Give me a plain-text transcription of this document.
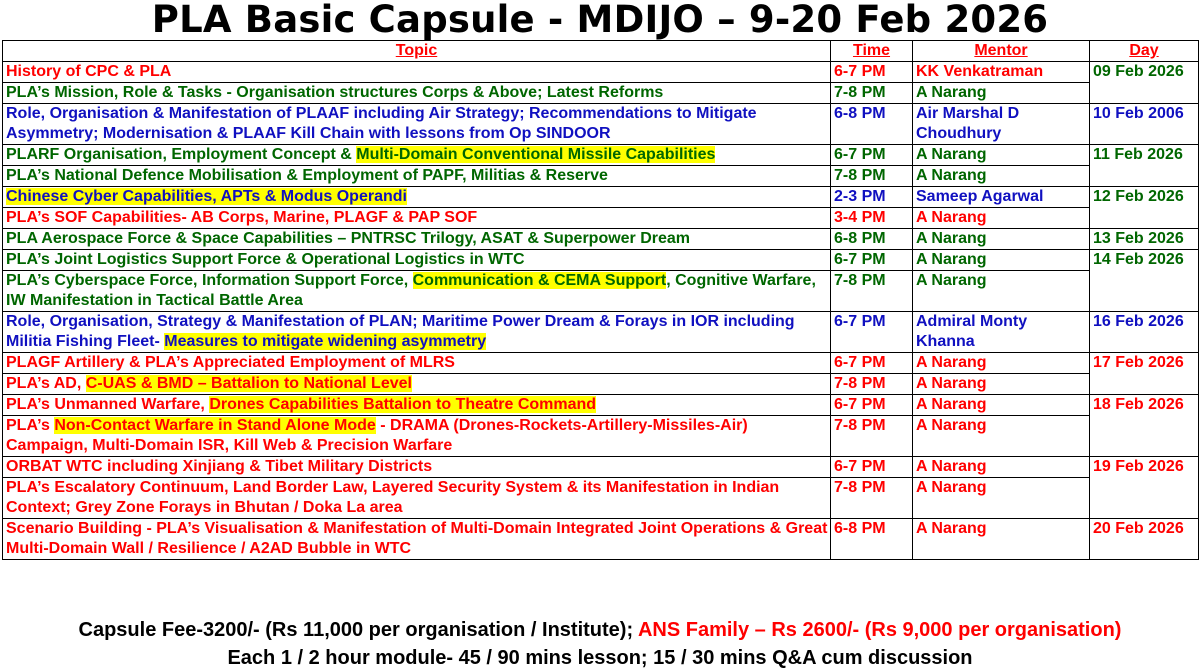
PLA Basic Capsule - MDIJO – 9-20 Feb 2026
Topic	Time	Mentor	Day
History of CPC & PLA	6-7 PM	KK Venkatraman	09 Feb 2026
PLA’s Mission, Role & Tasks - Organisation structures Corps & Above; Latest Reforms	7-8 PM	A Narang	
Role, Organisation & Manifestation of PLAAF including Air Strategy; Recommendations to Mitigate Asymmetry; Modernisation & PLAAF Kill Chain with lessons from Op SINDOOR	6-8 PM	Air Marshal D Choudhury	10 Feb 2006
PLARF Organisation, Employment Concept & Multi-Domain Conventional Missile Capabilities	6-7 PM	A Narang	11 Feb 2026
PLA’s National Defence Mobilisation & Employment of PAPF, Militias & Reserve	7-8 PM	A Narang	
Chinese Cyber Capabilities, APTs & Modus Operandi	2-3 PM	Sameep Agarwal	12 Feb 2026
PLA’s SOF Capabilities- AB Corps, Marine, PLAGF & PAP SOF	3-4 PM	A Narang	
PLA Aerospace Force & Space Capabilities – PNTRSC Trilogy, ASAT & Superpower Dream	6-8 PM	A Narang	13 Feb 2026
PLA’s Joint Logistics Support Force & Operational Logistics in WTC	6-7 PM	A Narang	14 Feb 2026
PLA’s Cyberspace Force, Information Support Force, Communication & CEMA Support, Cognitive Warfare, IW Manifestation in Tactical Battle Area	7-8 PM	A Narang	
Role, Organisation, Strategy & Manifestation of PLAN; Maritime Power Dream & Forays in IOR including Militia Fishing Fleet- Measures to mitigate widening asymmetry	6-7 PM	Admiral Monty Khanna	16 Feb 2026
PLAGF Artillery & PLA’s Appreciated Employment of MLRS	6-7 PM	A Narang	17 Feb 2026
PLA’s AD, C-UAS & BMD – Battalion to National Level	7-8 PM	A Narang	
PLA’s Unmanned Warfare, Drones Capabilities Battalion to Theatre Command	6-7 PM	A Narang	18 Feb 2026
PLA’s Non-Contact Warfare in Stand Alone Mode - DRAMA (Drones-Rockets-Artillery-Missiles-Air) Campaign, Multi-Domain ISR, Kill Web & Precision Warfare	7-8 PM	A Narang	
ORBAT WTC including Xinjiang & Tibet Military Districts	6-7 PM	A Narang	19 Feb 2026
PLA’s Escalatory Continuum, Land Border Law, Layered Security System & its Manifestation in Indian Context; Grey Zone Forays in Bhutan / Doka La area	7-8 PM	A Narang	
Scenario Building - PLA’s Visualisation & Manifestation of Multi-Domain Integrated Joint Operations & Great Multi-Domain Wall / Resilience / A2AD Bubble in WTC	6-8 PM	A Narang	20 Feb 2026
Capsule Fee-3200/- (Rs 11,000 per organisation / Institute); ANS Family – Rs 2600/- (Rs 9,000 per organisation)
Each 1 / 2 hour module- 45 / 90 mins lesson; 15 / 30 mins Q&A cum discussion
